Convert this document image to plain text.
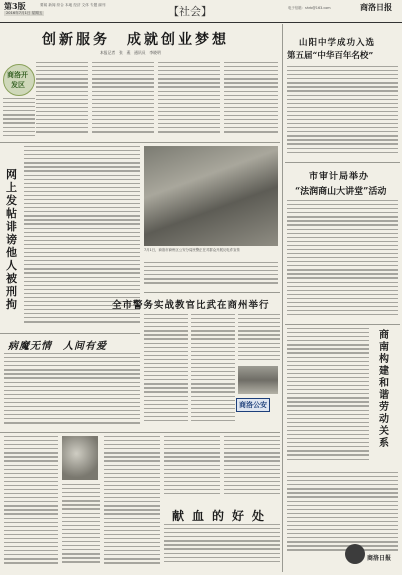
第3版	要闻 新闻 综合 本地 经济 文体 专题 副刊
2016年7月1日 星期五	【社会】	电子信箱：shrb@163.com	商洛日报
创新服务　成就创业梦想
本报记者　张　燕　通讯员　李晓明
商洛开
发区
网上发帖诽谤他人被刑拘
7月1日，商洛市商州区公安分局民警正在对群众开展反电诈宣传
病魔无情　人间有爱
全市警务实战教官比武在商州举行
商洛公安
献血的好处
山阳中学成功入选
第五届“中华百年名校”
市审计局举办
“法润商山大讲堂”活动
商南构建和谐劳动关系
商洛日报
